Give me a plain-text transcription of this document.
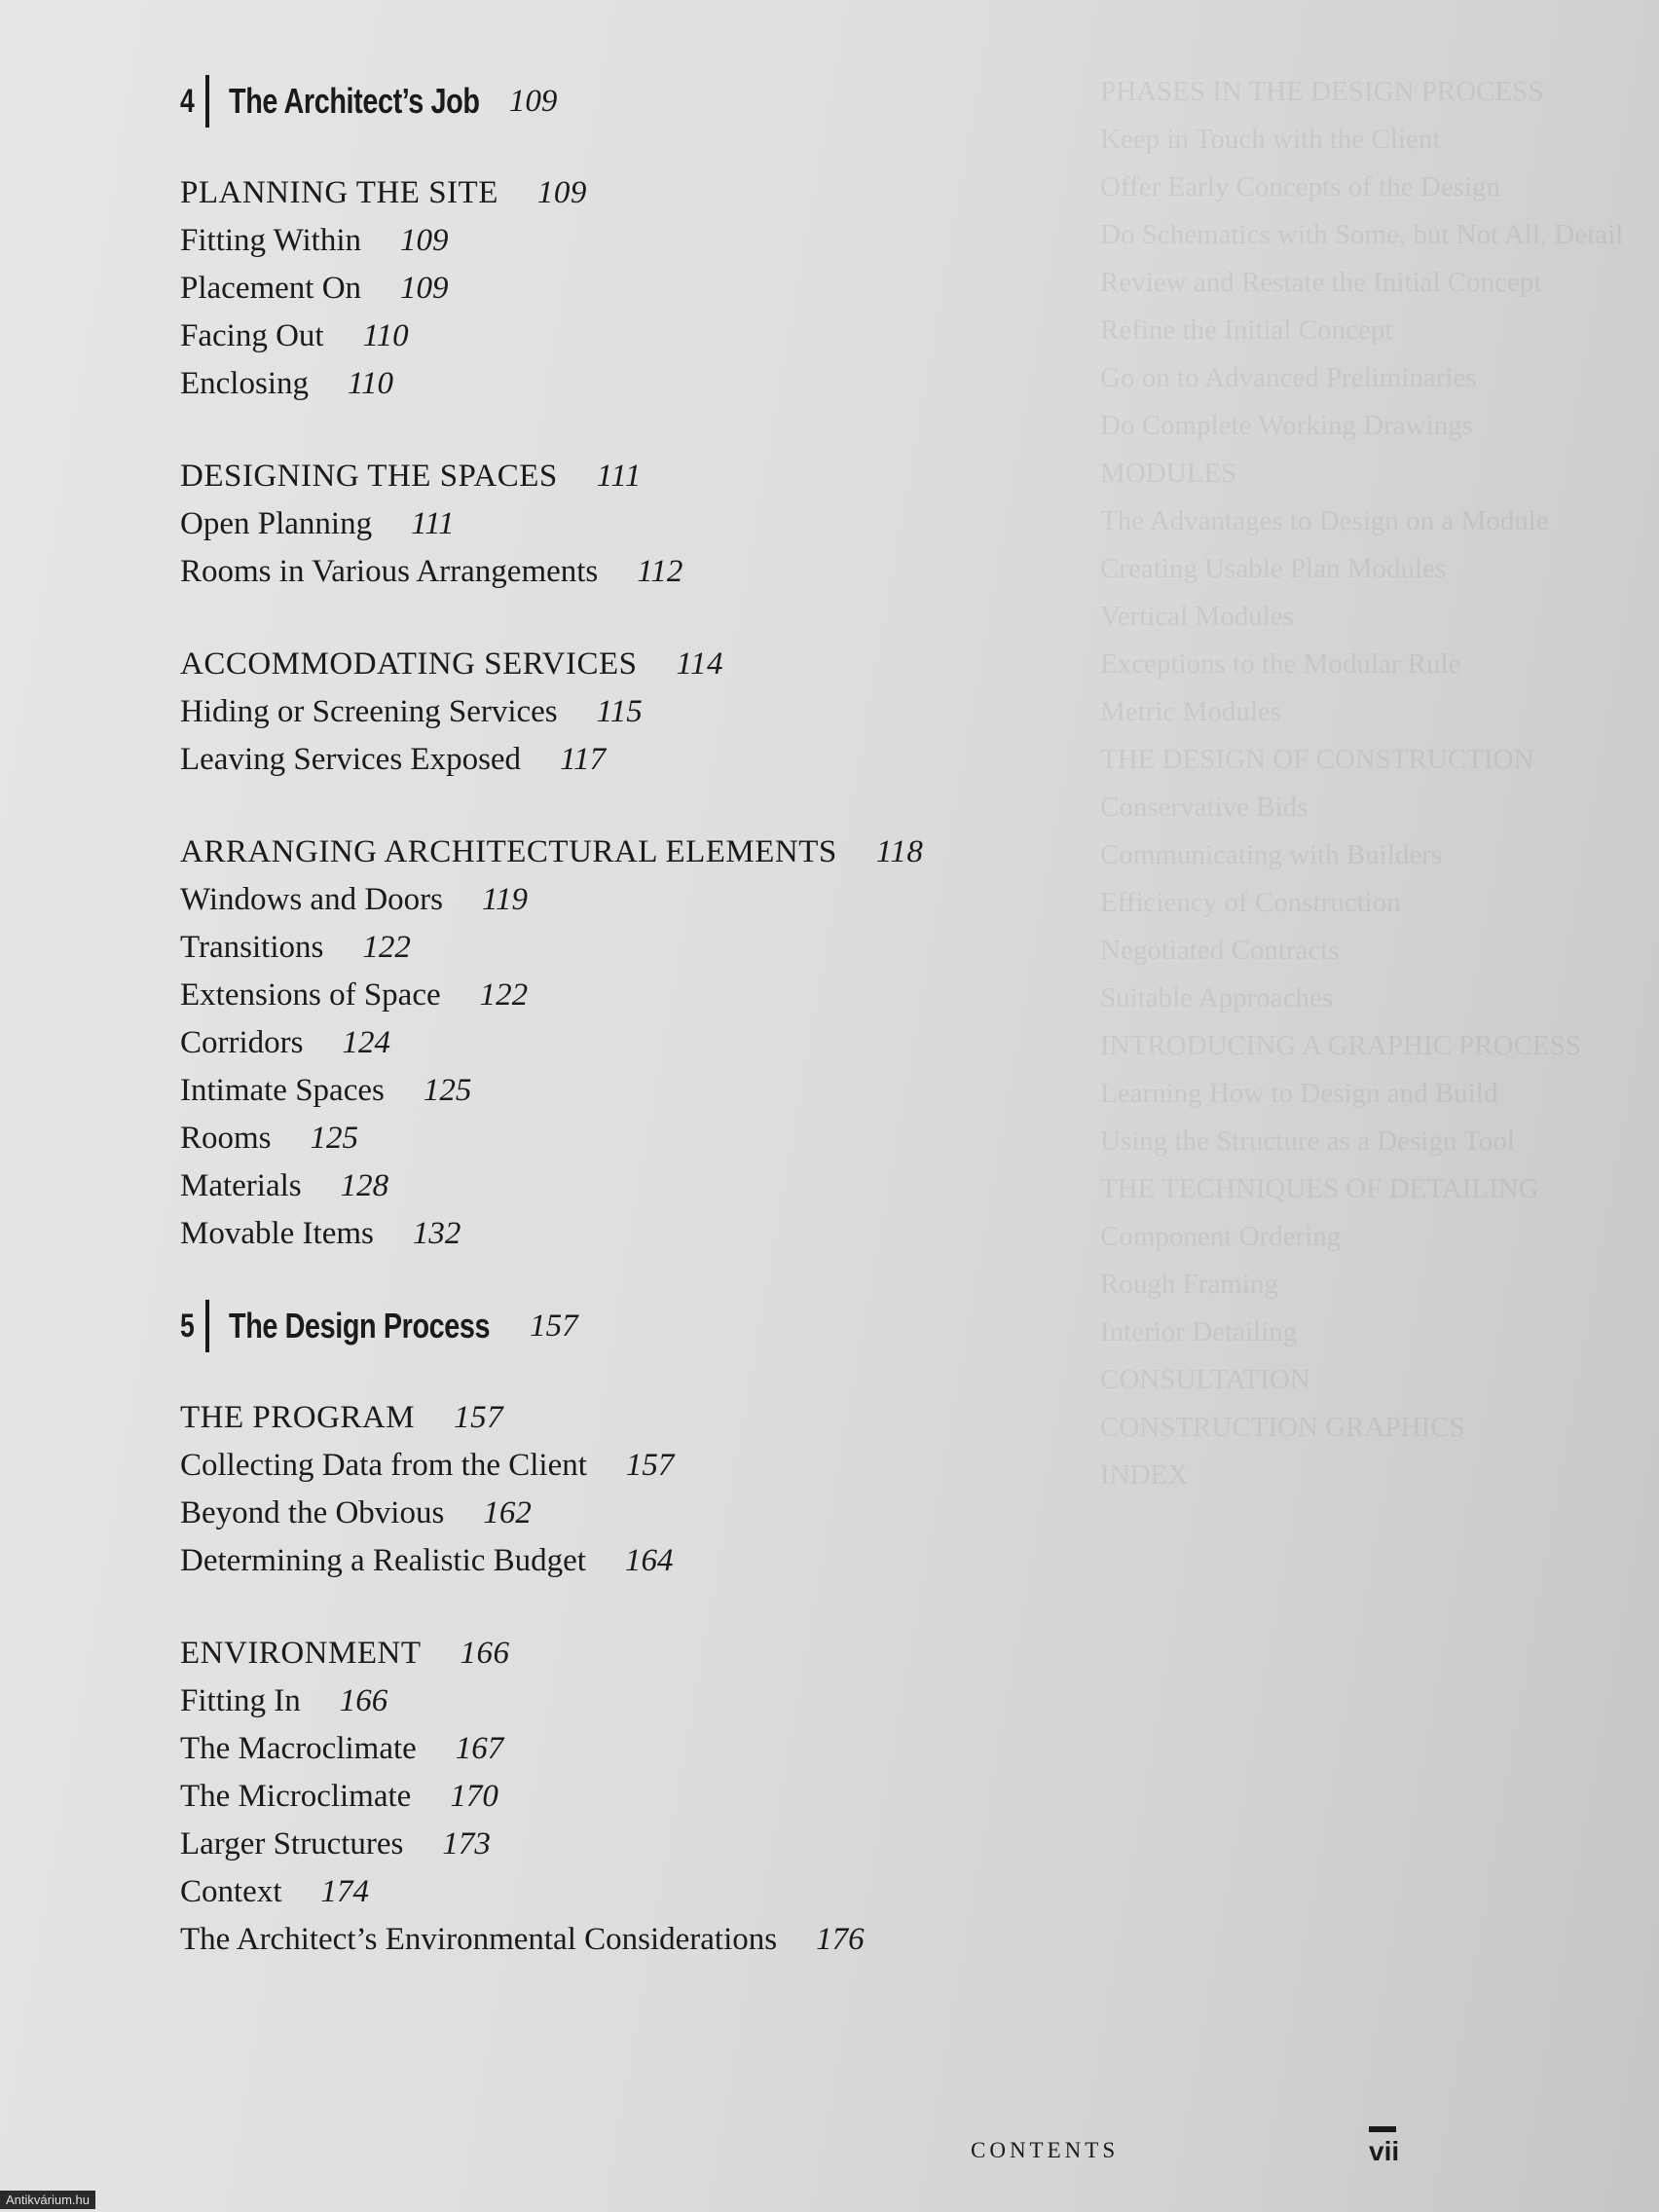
PHASES IN THE DESIGN PROCESS
Keep in Touch with the Client
Offer Early Concepts of the Design
Do Schematics with Some, but Not All, Detail
Review and Restate the Initial Concept
Refine the Initial Concept
Go on to Advanced Preliminaries
Do Complete Working Drawings
MODULES
The Advantages to Design on a Module
Creating Usable Plan Modules
Vertical Modules
Exceptions to the Modular Rule
Metric Modules
THE DESIGN OF CONSTRUCTION
Conservative Bids
Communicating with Builders
Efficiency of Construction
Negotiated Contracts
Suitable Approaches
INTRODUCING A GRAPHIC PROCESS
Learning How to Design and Build
Using the Structure as a Design Tool
THE TECHNIQUES OF DETAILING
Component Ordering
Rough Framing
Interior Detailing
CONSULTATION
CONSTRUCTION GRAPHICS
INDEX
4 The Architect’s Job 109
PLANNING THE SITE 109
Fitting Within 109
Placement On 109
Facing Out 110
Enclosing 110
DESIGNING THE SPACES 111
Open Planning 111
Rooms in Various Arrangements 112
ACCOMMODATING SERVICES 114
Hiding or Screening Services 115
Leaving Services Exposed 117
ARRANGING ARCHITECTURAL ELEMENTS 118
Windows and Doors 119
Transitions 122
Extensions of Space 122
Corridors 124
Intimate Spaces 125
Rooms 125
Materials 128
Movable Items 132
5 The Design Process 157
THE PROGRAM 157
Collecting Data from the Client 157
Beyond the Obvious 162
Determining a Realistic Budget 164
ENVIRONMENT 166
Fitting In 166
The Macroclimate 167
The Microclimate 170
Larger Structures 173
Context 174
The Architect’s Environmental Considerations 176
CONTENTS	vii
Antikvárium.hu
